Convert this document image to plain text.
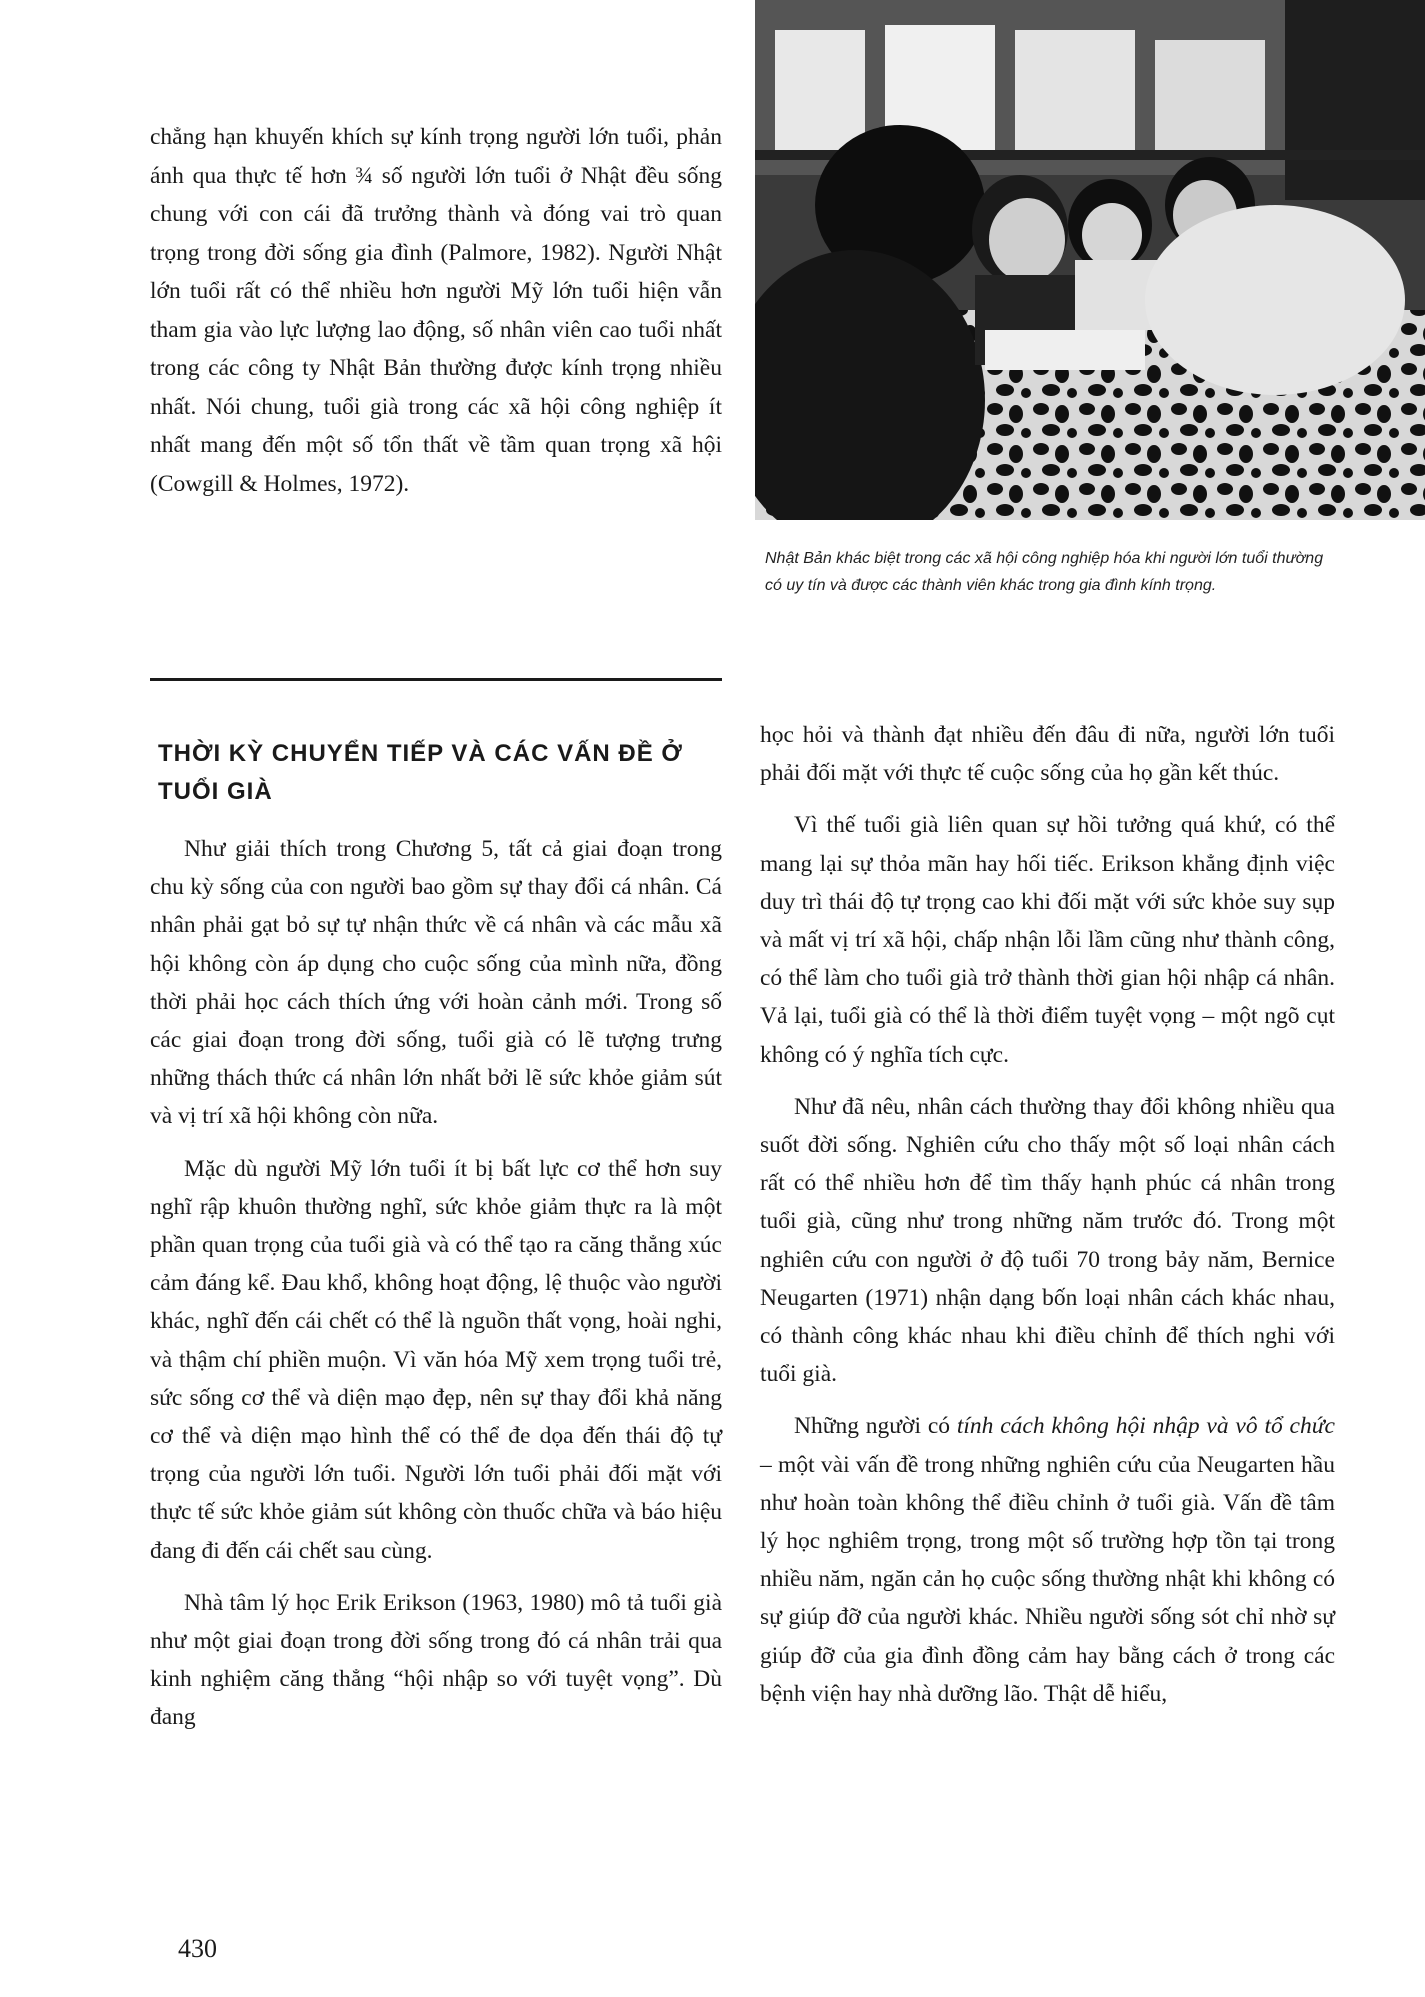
chẳng hạn khuyến khích sự kính trọng người lớn tuổi, phản ánh qua thực tế hơn ¾ số người lớn tuổi ở Nhật đều sống chung với con cái đã trưởng thành và đóng vai trò quan trọng trong đời sống gia đình (Palmore, 1982). Người Nhật lớn tuổi rất có thể nhiều hơn người Mỹ lớn tuổi hiện vẫn tham gia vào lực lượng lao động, số nhân viên cao tuổi nhất trong các công ty Nhật Bản thường được kính trọng nhiều nhất. Nói chung, tuổi già trong các xã hội công nghiệp ít nhất mang đến một số tổn thất về tầm quan trọng xã hội (Cowgill & Holmes, 1972).

Nhật Bản khác biệt trong các xã hội công nghiệp hóa khi người lớn tuổi thường có uy tín và được các thành viên khác trong gia đình kính trọng.
THỜI KỲ CHUYỂN TIẾP VÀ CÁC VẤN ĐỀ Ở TUỔI GIÀ

Như giải thích trong Chương 5, tất cả giai đoạn trong chu kỳ sống của con người bao gồm sự thay đổi cá nhân. Cá nhân phải gạt bỏ sự tự nhận thức về cá nhân và các mẫu xã hội không còn áp dụng cho cuộc sống của mình nữa, đồng thời phải học cách thích ứng với hoàn cảnh mới. Trong số các giai đoạn trong đời sống, tuổi già có lẽ tượng trưng những thách thức cá nhân lớn nhất bởi lẽ sức khỏe giảm sút và vị trí xã hội không còn nữa.

Mặc dù người Mỹ lớn tuổi ít bị bất lực cơ thể hơn suy nghĩ rập khuôn thường nghĩ, sức khỏe giảm thực ra là một phần quan trọng của tuổi già và có thể tạo ra căng thẳng xúc cảm đáng kể. Đau khổ, không hoạt động, lệ thuộc vào người khác, nghĩ đến cái chết có thể là nguồn thất vọng, hoài nghi, và thậm chí phiền muộn. Vì văn hóa Mỹ xem trọng tuổi trẻ, sức sống cơ thể và diện mạo đẹp, nên sự thay đổi khả năng cơ thể và diện mạo hình thể có thể đe dọa đến thái độ tự trọng của người lớn tuổi. Người lớn tuổi phải đối mặt với thực tế sức khỏe giảm sút không còn thuốc chữa và báo hiệu đang đi đến cái chết sau cùng.

Nhà tâm lý học Erik Erikson (1963, 1980) mô tả tuổi già như một giai đoạn trong đời sống trong đó cá nhân trải qua kinh nghiệm căng thẳng “hội nhập so với tuyệt vọng”. Dù đang

học hỏi và thành đạt nhiều đến đâu đi nữa, người lớn tuổi phải đối mặt với thực tế cuộc sống của họ gần kết thúc.

Vì thế tuổi già liên quan sự hồi tưởng quá khứ, có thể mang lại sự thỏa mãn hay hối tiếc. Erikson khẳng định việc duy trì thái độ tự trọng cao khi đối mặt với sức khỏe suy sụp và mất vị trí xã hội, chấp nhận lỗi lầm cũng như thành công, có thể làm cho tuổi già trở thành thời gian hội nhập cá nhân. Vả lại, tuổi già có thể là thời điểm tuyệt vọng – một ngõ cụt không có ý nghĩa tích cực.

Như đã nêu, nhân cách thường thay đổi không nhiều qua suốt đời sống. Nghiên cứu cho thấy một số loại nhân cách rất có thể nhiều hơn để tìm thấy hạnh phúc cá nhân trong tuổi già, cũng như trong những năm trước đó. Trong một nghiên cứu con người ở độ tuổi 70 trong bảy năm, Bernice Neugarten (1971) nhận dạng bốn loại nhân cách khác nhau, có thành công khác nhau khi điều chỉnh để thích nghi với tuổi già.

Những người có tính cách không hội nhập và vô tổ chức – một vài vấn đề trong những nghiên cứu của Neugarten hầu như hoàn toàn không thể điều chỉnh ở tuổi già. Vấn đề tâm lý học nghiêm trọng, trong một số trường hợp tồn tại trong nhiều năm, ngăn cản họ cuộc sống thường nhật khi không có sự giúp đỡ của người khác. Nhiều người sống sót chỉ nhờ sự giúp đỡ của gia đình đồng cảm hay bằng cách ở trong các bệnh viện hay nhà dưỡng lão. Thật dễ hiểu,

430
